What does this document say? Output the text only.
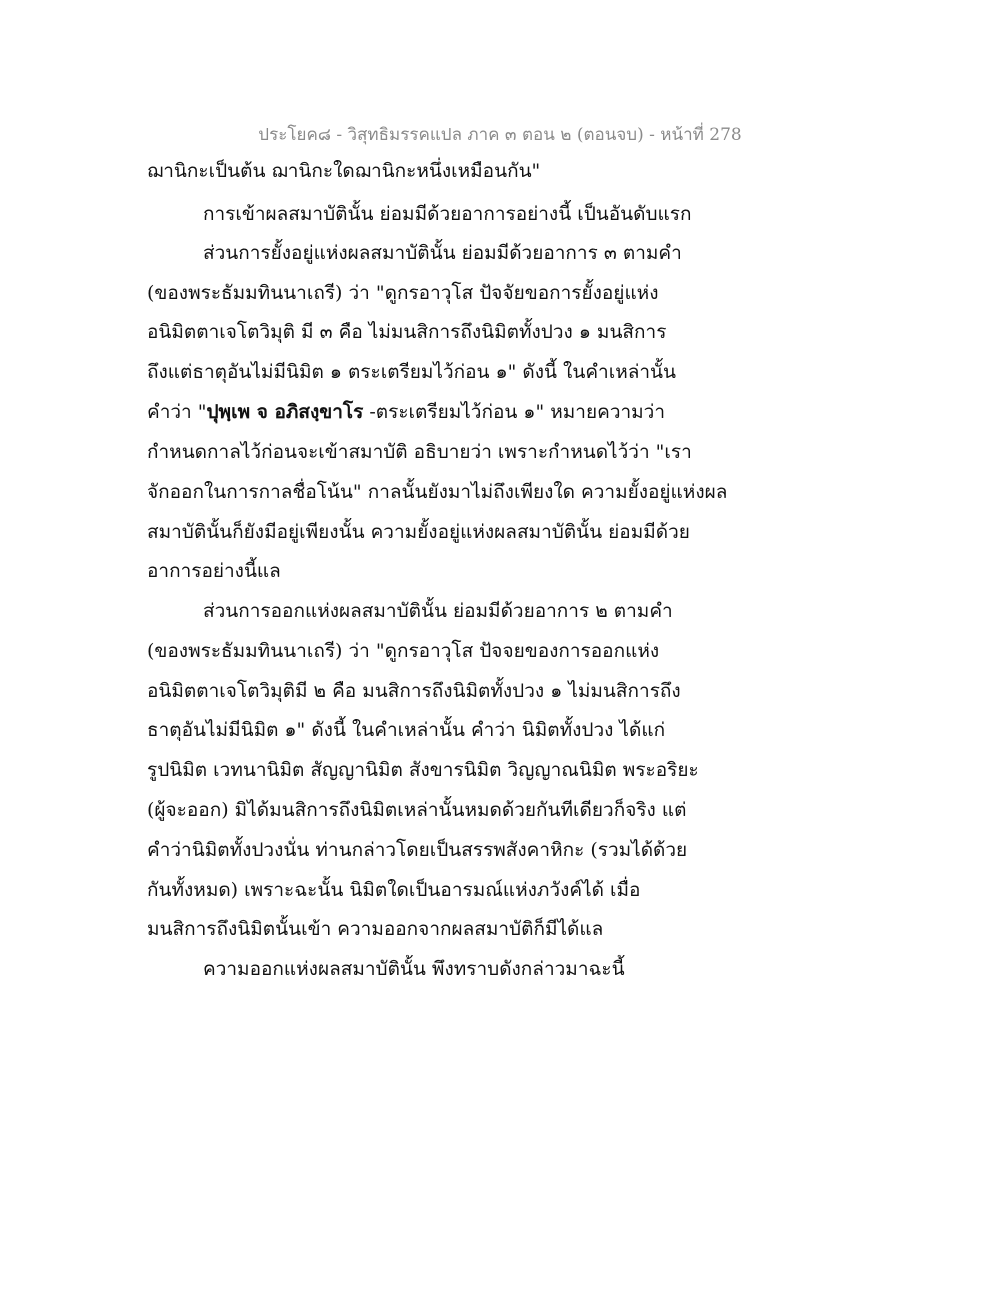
ประโยค๘ - วิสุทธิมรรคแปล ภาค ๓ ตอน ๒ (ตอนจบ) - หน้าที่ 278
ฌานิกะเป็นต้น ฌานิกะใดฌานิกะหนึ่งเหมือนกัน"
การเข้าผลสมาบัตินั้น ย่อมมีด้วยอาการอย่างนี้ เป็นอันดับแรก
ส่วนการยั้งอยู่แห่งผลสมาบัตินั้น ย่อมมีด้วยอาการ ๓ ตามคำ
(ของพระธัมมทินนาเถรี) ว่า "ดูกรอาวุโส ปัจจัยขอการยั้งอยู่แห่ง
อนิมิตตาเจโตวิมุติ มี ๓ คือ ไม่มนสิการถึงนิมิตทั้งปวง ๑ มนสิการ
ถึงแต่ธาตุอันไม่มีนิมิต ๑ ตระเตรียมไว้ก่อน ๑" ดังนี้ ในคำเหล่านั้น
คำว่า "ปุพฺเพ จ อภิสงฺขาโร -ตระเตรียมไว้ก่อน ๑" หมายความว่า
กำหนดกาลไว้ก่อนจะเข้าสมาบัติ อธิบายว่า เพราะกำหนดไว้ว่า "เรา
จักออกในการกาลชื่อโน้น" กาลนั้นยังมาไม่ถึงเพียงใด ความยั้งอยู่แห่งผล
สมาบัตินั้นก็ยังมีอยู่เพียงนั้น ความยั้งอยู่แห่งผลสมาบัตินั้น ย่อมมีด้วย
อาการอย่างนี้แล
ส่วนการออกแห่งผลสมาบัตินั้น ย่อมมีด้วยอาการ ๒ ตามคำ
(ของพระธัมมทินนาเถรี) ว่า "ดูกรอาวุโส ปัจจยของการออกแห่ง
อนิมิตตาเจโตวิมุติมี ๒ คือ มนสิการถึงนิมิตทั้งปวง ๑ ไม่มนสิการถึง
ธาตุอันไม่มีนิมิต ๑" ดังนี้ ในคำเหล่านั้น คำว่า นิมิตทั้งปวง ได้แก่
รูปนิมิต เวทนานิมิต สัญญานิมิต สังขารนิมิต วิญญาณนิมิต พระอริยะ
(ผู้จะออก) มิได้มนสิการถึงนิมิตเหล่านั้นหมดด้วยกันทีเดียวก็จริง แต่
คำว่านิมิตทั้งปวงนั่น ท่านกล่าวโดยเป็นสรรพสังคาหิกะ (รวมได้ด้วย
กันทั้งหมด) เพราะฉะนั้น นิมิตใดเป็นอารมณ์แห่งภวังค์ได้ เมื่อ
มนสิการถึงนิมิตนั้นเข้า ความออกจากผลสมาบัติก็มีได้แล
ความออกแห่งผลสมาบัตินั้น พึงทราบดังกล่าวมาฉะนี้
